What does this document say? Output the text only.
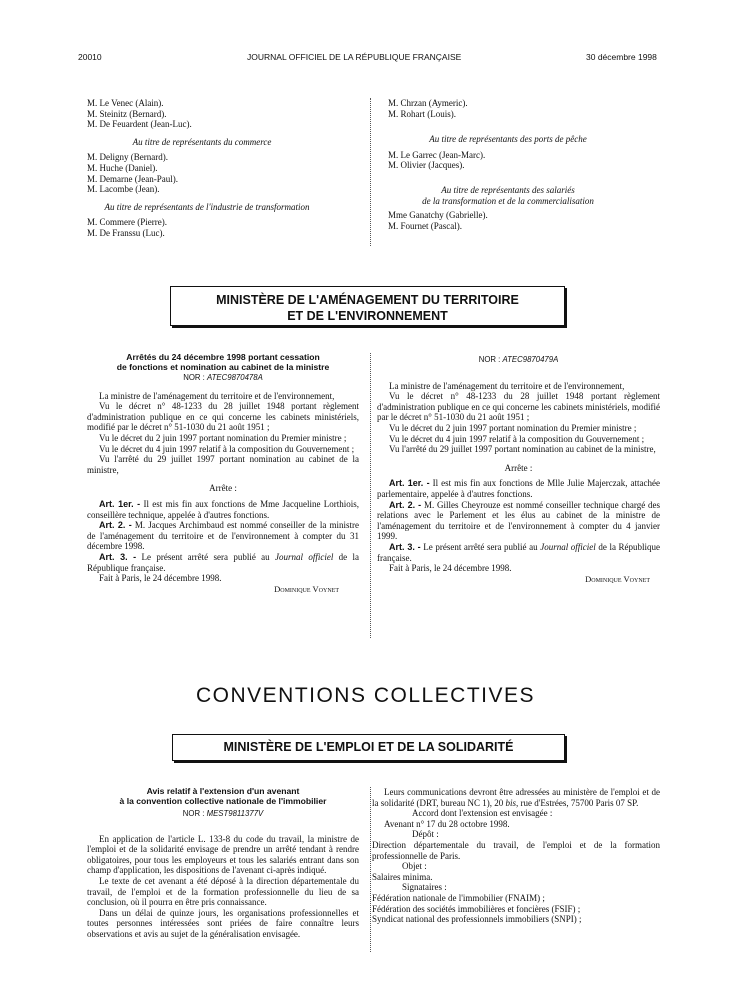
20010	JOURNAL OFFICIEL DE LA RÉPUBLIQUE FRANÇAISE	30 décembre 1998

M. Le Venec (Alain).

M. Steinitz (Bernard).

M. De Feuardent (Jean-Luc).

Au titre de représentants du commerce

M. Deligny (Bernard).

M. Huche (Daniel).

M. Demarne (Jean-Paul).

M. Lacombe (Jean).

Au titre de représentants de l'industrie de transformation

M. Commere (Pierre).

M. De Franssu (Luc).

M. Chrzan (Aymeric).

M. Rohart (Louis).

Au titre de représentants des ports de pêche

M. Le Garrec (Jean-Marc).

M. Olivier (Jacques).

Au titre de représentants des salariés

de la transformation et de la commercialisation

Mme Ganatchy (Gabrielle).

M. Fournet (Pascal).

MINISTÈRE DE L'AMÉNAGEMENT DU TERRITOIRE
ET DE L'ENVIRONNEMENT

Arrêtés du 24 décembre 1998 portant cessation

de fonctions et nomination au cabinet de la ministre

NOR : ATEC9870478A

La ministre de l'aménagement du territoire et de l'environnement,

Vu le décret n° 48-1233 du 28 juillet 1948 portant règlement d'administration publique en ce qui concerne les cabinets ministériels, modifié par le décret n° 51-1030 du 21 août 1951 ;

Vu le décret du 2 juin 1997 portant nomination du Premier ministre ;

Vu le décret du 4 juin 1997 relatif à la composition du Gouvernement ;

Vu l'arrêté du 29 juillet 1997 portant nomination au cabinet de la ministre,

Arrête :

Art. 1er. - Il est mis fin aux fonctions de Mme Jacqueline Lorthiois, conseillère technique, appelée à d'autres fonctions.

Art. 2. - M. Jacques Archimbaud est nommé conseiller de la ministre de l'aménagement du territoire et de l'environnement à compter du 31 décembre 1998.

Art. 3. - Le présent arrêté sera publié au Journal officiel de la République française.

Fait à Paris, le 24 décembre 1998.

Dominique Voynet

NOR : ATEC9870479A

La ministre de l'aménagement du territoire et de l'environnement,

Vu le décret n° 48-1233 du 28 juillet 1948 portant règlement d'administration publique en ce qui concerne les cabinets ministériels, modifié par le décret n° 51-1030 du 21 août 1951 ;

Vu le décret du 2 juin 1997 portant nomination du Premier ministre ;

Vu le décret du 4 juin 1997 relatif à la composition du Gouvernement ;

Vu l'arrêté du 29 juillet 1997 portant nomination au cabinet de la ministre,

Arrête :

Art. 1er. - Il est mis fin aux fonctions de Mlle Julie Majerczak, attachée parlementaire, appelée à d'autres fonctions.

Art. 2. - M. Gilles Cheyrouze est nommé conseiller technique chargé des relations avec le Parlement et les élus au cabinet de la ministre de l'aménagement du territoire et de l'environnement à compter du 4 janvier 1999.

Art. 3. - Le présent arrêté sera publié au Journal officiel de la République française.

Fait à Paris, le 24 décembre 1998.

Dominique Voynet

CONVENTIONS COLLECTIVES
MINISTÈRE DE L'EMPLOI ET DE LA SOLIDARITÉ

Avis relatif à l'extension d'un avenant

à la convention collective nationale de l'immobilier

NOR : MEST9811377V

En application de l'article L. 133-8 du code du travail, la ministre de l'emploi et de la solidarité envisage de prendre un arrêté tendant à rendre obligatoires, pour tous les employeurs et tous les salariés entrant dans son champ d'application, les dispositions de l'avenant ci-après indiqué.

Le texte de cet avenant a été déposé à la direction départementale du travail, de l'emploi et de la formation professionnelle du lieu de sa conclusion, où il pourra en être pris connaissance.

Dans un délai de quinze jours, les organisations professionnelles et toutes personnes intéressées sont priées de faire connaître leurs observations et avis au sujet de la généralisation envisagée.

Leurs communications devront être adressées au ministère de l'emploi et de la solidarité (DRT, bureau NC 1), 20 bis, rue d'Estrées, 75700 Paris 07 SP.

Accord dont l'extension est envisagée :

Avenant n° 17 du 28 octobre 1998.

Dépôt :

Direction départementale du travail, de l'emploi et de la formation professionnelle de Paris.

Objet :

Salaires minima.

Signataires :

Fédération nationale de l'immobilier (FNAIM) ;

Fédération des sociétés immobilières et foncières (FSIF) ;

Syndicat national des professionnels immobiliers (SNPI) ;
